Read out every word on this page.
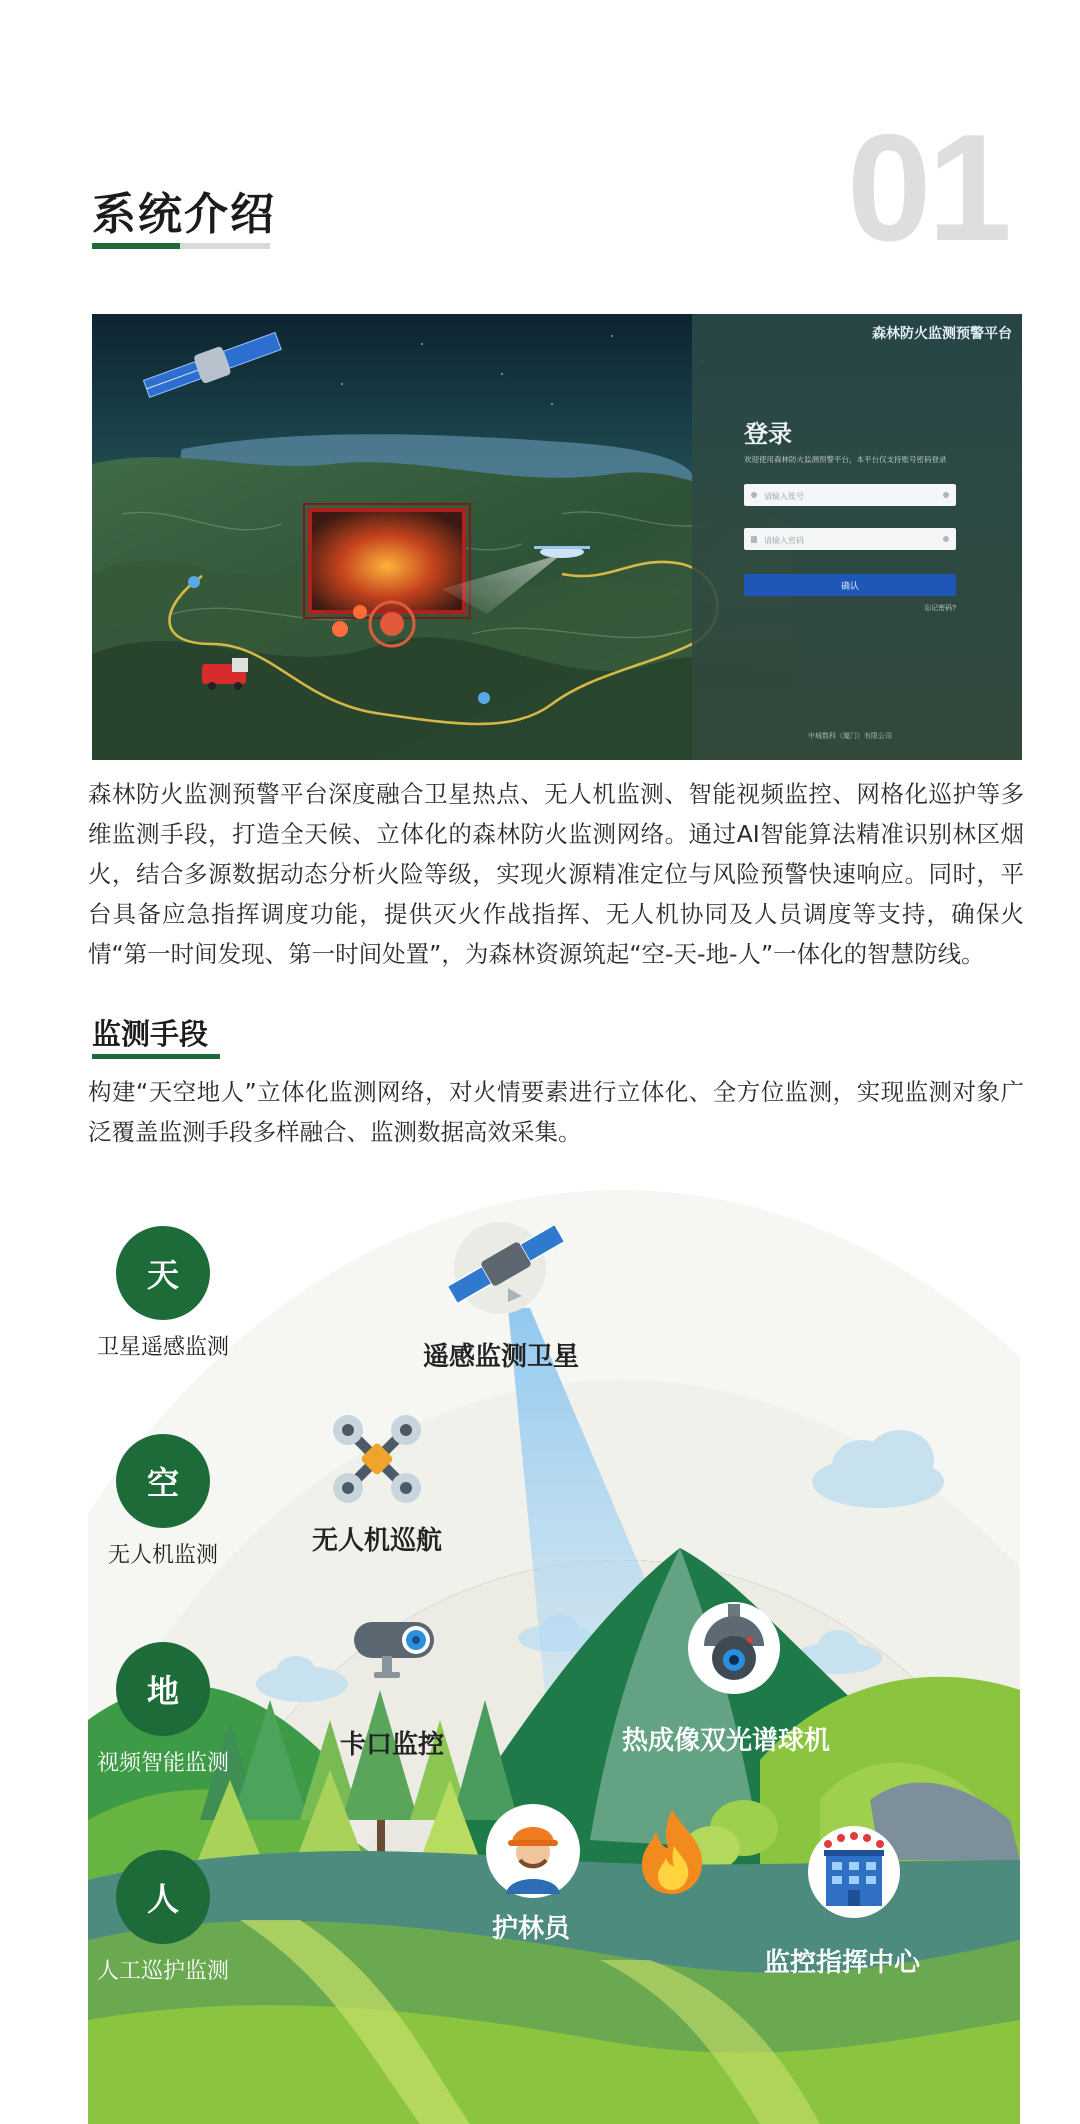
系统介绍	01
森林防火监测预警平台
登录
欢迎使用森林防火监测预警平台，本平台仅支持账号密码登录
请输入账号
请输入密码
确认
忘记密码?
中城数科（厦门）有限公司

森林防火监测预警平台深度融合卫星热点、无人机监测、智能视频监控、网格化巡护等多维监测手段，打造全天候、立体化的森林防火监测网络。通过AI智能算法精准识别林区烟火，结合多源数据动态分析火险等级，实现火源精准定位与风险预警快速响应。同时，平台具备应急指挥调度功能，提供灭火作战指挥、无人机协同及人员调度等支持，确保火情“第一时间发现、第一时间处置”，为森林资源筑起“空-天-地-人”一体化的智慧防线。

监测手段

构建“天空地人”立体化监测网络，对火情要素进行立体化、全方位监测，实现监测对象广泛覆盖监测手段多样融合、监测数据高效采集。

遥感监测卫星
无人机巡航
卡口监控	热成像双光谱球机
护林员
监控指挥中心
天
卫星遥感监测
空
无人机监测
地
视频智能监测
人
人工巡护监测
